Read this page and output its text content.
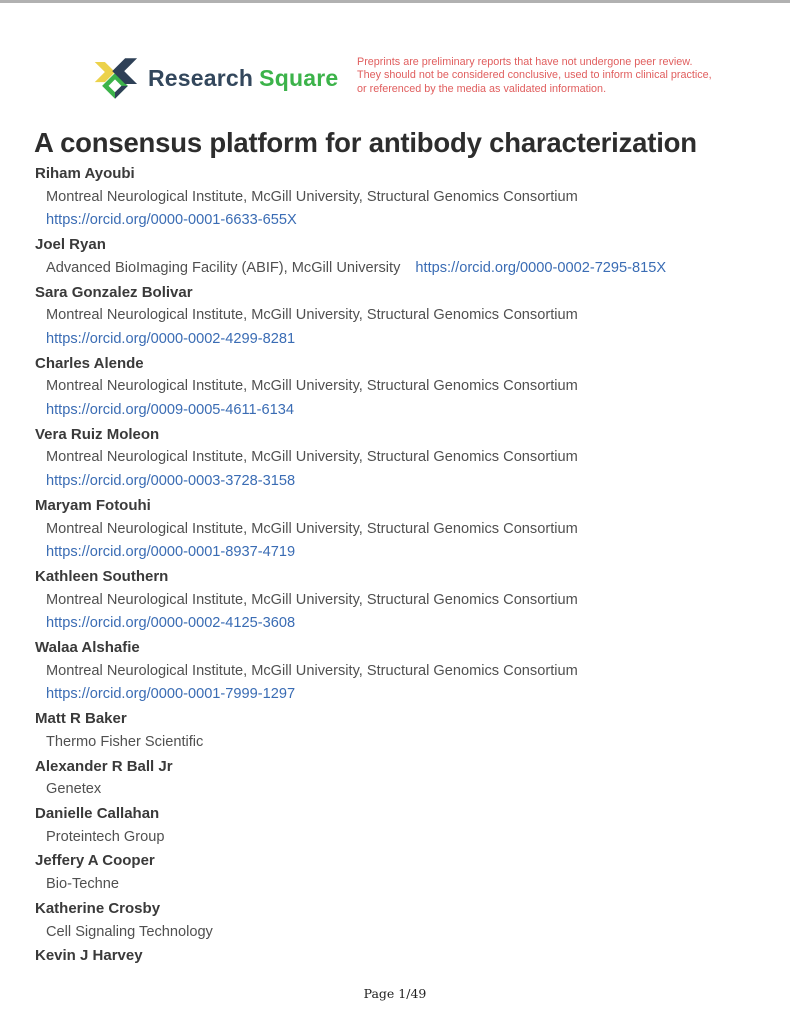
Research Square

Preprints are preliminary reports that have not undergone peer review.

They should not be considered conclusive, used to inform clinical practice,

or referenced by the media as validated information.

A consensus platform for antibody characterization

Riham Ayoubi

Montreal Neurological Institute, McGill University, Structural Genomics Consortium

https://orcid.org/0000-0001-6633-655X

Joel Ryan

Advanced BioImaging Facility (ABIF), McGill University https://orcid.org/0000-0002-7295-815X

Sara Gonzalez Bolivar

Montreal Neurological Institute, McGill University, Structural Genomics Consortium

https://orcid.org/0000-0002-4299-8281

Charles Alende

Montreal Neurological Institute, McGill University, Structural Genomics Consortium

https://orcid.org/0009-0005-4611-6134

Vera Ruiz Moleon

Montreal Neurological Institute, McGill University, Structural Genomics Consortium

https://orcid.org/0000-0003-3728-3158

Maryam Fotouhi

Montreal Neurological Institute, McGill University, Structural Genomics Consortium

https://orcid.org/0000-0001-8937-4719

Kathleen Southern

Montreal Neurological Institute, McGill University, Structural Genomics Consortium

https://orcid.org/0000-0002-4125-3608

Walaa Alshafie

Montreal Neurological Institute, McGill University, Structural Genomics Consortium

https://orcid.org/0000-0001-7999-1297

Matt R Baker

Thermo Fisher Scientific

Alexander R Ball Jr

Genetex

Danielle Callahan

Proteintech Group

Jeffery A Cooper

Bio-Techne

Katherine Crosby

Cell Signaling Technology

Kevin J Harvey

Page 1/49
